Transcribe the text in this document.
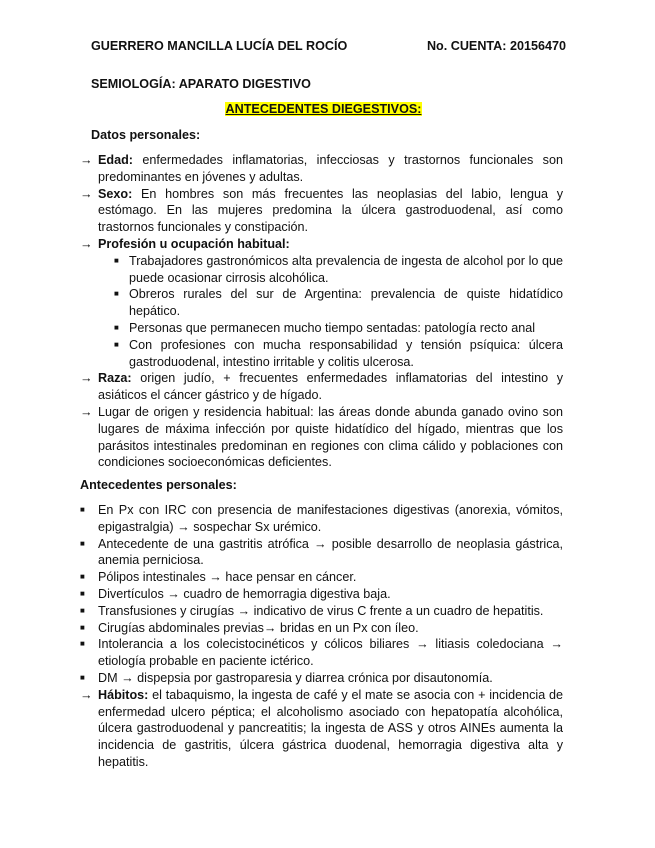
GUERRERO MANCILLA LUCÍA DEL ROCÍO	No. CUENTA: 20156470
SEMIOLOGÍA: APARATO DIGESTIVO
ANTECEDENTES DIEGESTIVOS:
Datos personales:
→ Edad: enfermedades inflamatorias, infecciosas y trastornos funcionales son predominantes en jóvenes y adultas.
→ Sexo: En hombres son más frecuentes las neoplasias del labio, lengua y estómago. En las mujeres predomina la úlcera gastroduodenal, así como trastornos funcionales y constipación.
→ Profesión u ocupación habitual:
■ Trabajadores gastronómicos alta prevalencia de ingesta de alcohol por lo que puede ocasionar cirrosis alcohólica.
■ Obreros rurales del sur de Argentina: prevalencia de quiste hidatídico hepático.
■ Personas que permanecen mucho tiempo sentadas: patología recto anal
■ Con profesiones con mucha responsabilidad y tensión psíquica: úlcera gastroduodenal, intestino irritable y colitis ulcerosa.
→ Raza: origen judío, + frecuentes enfermedades inflamatorias del intestino y asiáticos el cáncer gástrico y de hígado.
→ Lugar de origen y residencia habitual: las áreas donde abunda ganado ovino son lugares de máxima infección por quiste hidatídico del hígado, mientras que los parásitos intestinales predominan en regiones con clima cálido y poblaciones con condiciones socioeconómicas deficientes.
Antecedentes personales:
■	En Px con IRC con presencia de manifestaciones digestivas (anorexia, vómitos, epigastralgia) → sospechar Sx urémico.
■	Antecedente de una gastritis atrófica → posible desarrollo de neoplasia gástrica, anemia perniciosa.
■	Pólipos intestinales → hace pensar en cáncer.
■	Divertículos → cuadro de hemorragia digestiva baja.
■	Transfusiones y cirugías → indicativo de virus C frente a un cuadro de hepatitis.
■	Cirugías abdominales previas→ bridas en un Px con íleo.
■	Intolerancia a los colecistocinéticos y cólicos biliares → litiasis coledociana → etiología probable en paciente ictérico.
■	DM → dispepsia por gastroparesia y diarrea crónica por disautonomía.
→ Hábitos: el tabaquismo, la ingesta de café y el mate se asocia con + incidencia de enfermedad ulcero péptica; el alcoholismo asociado con hepatopatía alcohólica, úlcera gastroduodenal y pancreatitis; la ingesta de ASS y otros AINEs aumenta la incidencia de gastritis, úlcera gástrica duodenal, hemorragia digestiva alta y hepatitis.
